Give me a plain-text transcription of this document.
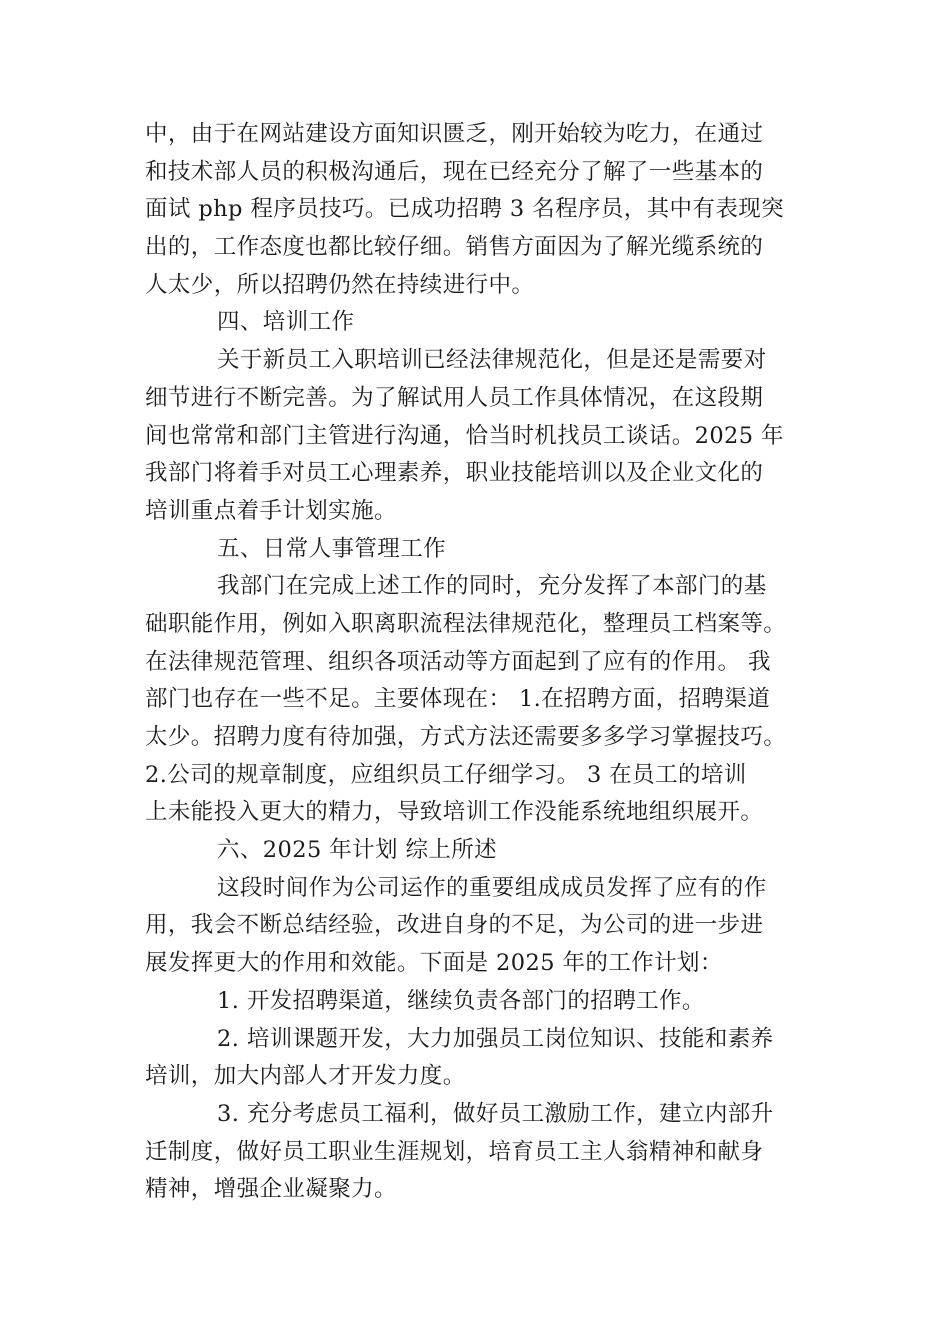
中，由于在网站建设方面知识匮乏，刚开始较为吃力，在通过
和技术部人员的积极沟通后，现在已经充分了解了一些基本的
面试 php 程序员技巧。已成功招聘 3 名程序员，其中有表现突
出的，工作态度也都比较仔细。销售方面因为了解光缆系统的
人太少，所以招聘仍然在持续进行中。
四、培训工作
关于新员工入职培训已经法律规范化，但是还是需要对
细节进行不断完善。为了解试用人员工作具体情况，在这段期
间也常常和部门主管进行沟通，恰当时机找员工谈话。2025 年
我部门将着手对员工心理素养，职业技能培训以及企业文化的
培训重点着手计划实施。
五、日常人事管理工作
我部门在完成上述工作的同时，充分发挥了本部门的基
础职能作用，例如入职离职流程法律规范化，整理员工档案等。
在法律规范管理、组织各项活动等方面起到了应有的作用。 我
部门也存在一些不足。主要体现在： 1.在招聘方面，招聘渠道
太少。招聘力度有待加强，方式方法还需要多多学习掌握技巧。
2.公司的规章制度，应组织员工仔细学习。 3 在员工的培训
上未能投入更大的精力，导致培训工作没能系统地组织展开。
六、2025 年计划 综上所述
这段时间作为公司运作的重要组成成员发挥了应有的作
用，我会不断总结经验，改进自身的不足，为公司的进一步进
展发挥更大的作用和效能。下面是 2025 年的工作计划：
1. 开发招聘渠道，继续负责各部门的招聘工作。
2. 培训课题开发，大力加强员工岗位知识、技能和素养
培训，加大内部人才开发力度。
3. 充分考虑员工福利，做好员工激励工作，建立内部升
迁制度，做好员工职业生涯规划，培育员工主人翁精神和献身
精神，增强企业凝聚力。
